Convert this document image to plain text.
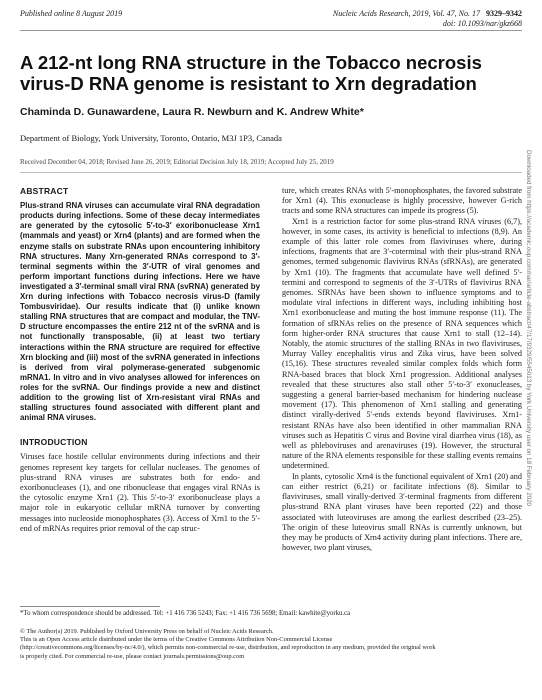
Published online 8 August 2019	Nucleic Acids Research, 2019, Vol. 47, No. 17 9329–9342
doi: 10.1093/nar/gkz668
A 212-nt long RNA structure in the Tobacco necrosis virus-D RNA genome is resistant to Xrn degradation
Chaminda D. Gunawardene, Laura R. Newburn and K. Andrew White*
Department of Biology, York University, Toronto, Ontario, M3J 1P3, Canada
Received December 04, 2018; Revised June 26, 2019; Editorial Decision July 18, 2019; Accepted July 25, 2019	Downloaded from https://academic.oup.com/nar/article-abstract/47/17/9329/5545013 by York University user on 18 February 2020
ABSTRACT

Plus-strand RNA viruses can accumulate viral RNA degradation products during infections. Some of these decay intermediates are generated by the cytosolic 5′-to-3′ exoribonuclease Xrn1 (mammals and yeast) or Xrn4 (plants) and are formed when the enzyme stalls on substrate RNAs upon encountering inhibitory RNA structures. Many Xrn-generated RNAs correspond to 3′-terminal segments within the 3′-UTR of viral genomes and perform important functions during infections. Here we have investigated a 3′-terminal small viral RNA (svRNA) generated by Xrn during infections with Tobacco necrosis virus-D (family Tombusviridae). Our results indicate that (i) unlike known stalling RNA structures that are compact and modular, the TNV-D structure encompasses the entire 212 nt of the svRNA and is not functionally transposable, (ii) at least two tertiary interactions within the RNA structure are required for effective Xrn blocking and (iii) most of the svRNA generated in infections is derived from viral polymerase-generated subgenomic mRNA1. In vitro and in vivo analyses allowed for inferences on roles for the svRNA. Our findings provide a new and distinct addition to the growing list of Xrn-resistant viral RNAs and stalling structures found associated with different plant and animal RNA viruses.

INTRODUCTION

Viruses face hostile cellular environments during infections and their genomes represent key targets for cellular nucleases. The genomes of plus-strand RNA viruses are substrates both for endo- and exoribonucleases (1), and one ribonuclease that engages viral RNAs is the cytosolic enzyme Xrn1 (2). This 5′-to-3′ exoribonuclease plays a major role in eukaryotic cellular mRNA turnover by converting messages into nucleoside monophosphates (3). Access of Xrn1 to the 5′-end of mRNAs requires prior removal of the cap struc-

ture, which creates RNAs with 5′-monophosphates, the favored substrate for Xrn1 (4). This exonuclease is highly processive, however G-rich tracts and some RNA structures can impede its progress (5).

Xrn1 is a restriction factor for some plus-strand RNA viruses (6,7), however, in some cases, its activity is beneficial to infections (8,9). An example of this latter role comes from flaviviruses where, during infections, fragments that are 3′-coterminal with their plus-strand RNA genomes, termed subgenomic flavivirus RNAs (sfRNAs), are generated by Xrn1 (10). The fragments that accumulate have well defined 5′-termini and correspond to segments of the 3′-UTRs of flavivirus RNA genomes. SfRNAs have been shown to influence symptoms and to modulate viral infections in different ways, including inhibiting host Xrn1 exoribonuclease and muting the host immune response (11). The formation of sfRNAs relies on the presence of RNA sequences which form higher-order RNA structures that cause Xrn1 to stall (12–14). Notably, the atomic structures of the stalling RNAs in two flaviviruses, Murray Valley encephalitis virus and Zika virus, have been solved (15,16). These structures revealed similar complex folds which form RNA-based braces that block Xrn1 progression. Additional analyses revealed that these structures also stall other 5′-to-3′ exonucleases, suggesting a general barrier-based mechanism for hindering nuclease movement (17). This phenomenon of Xrn1 stalling and generating distinct virally-derived 5′-ends extends beyond flaviviruses. Xrn1-resistant RNAs have also been identified in other mammalian RNA viruses such as Hepatitis C virus and Bovine viral diarrhea virus (18), as well as phleboviruses and arenaviruses (19). However, the structural nature of the RNA elements responsible for these stalling events remains undetermined.

In plants, cytosolic Xrn4 is the functional equivalent of Xrn1 (20) and can either restrict (6,21) or facilitate infections (8). Similar to flaviviruses, small virally-derived 3′-terminal fragments from different plus-strand RNA plant viruses have been reported (22) and those associated with luteoviruses are among the earliest described (23–25). The origin of these luteovirus small RNAs is currently unknown, but they may be products of Xrn4 activity during plant infections. There are, however, two plant viruses,

*To whom correspondence should be addressed. Tel: +1 416 736 5243; Fax: +1 416 736 5698; Email: kawhite@yorku.ca
© The Author(s) 2019. Published by Oxford University Press on behalf of Nucleic Acids Research.
This is an Open Access article distributed under the terms of the Creative Commons Attribution Non-Commercial License
(http://creativecommons.org/licenses/by-nc/4.0/), which permits non-commercial re-use, distribution, and reproduction in any medium, provided the original work
is properly cited. For commercial re-use, please contact journals.permissions@oup.com
